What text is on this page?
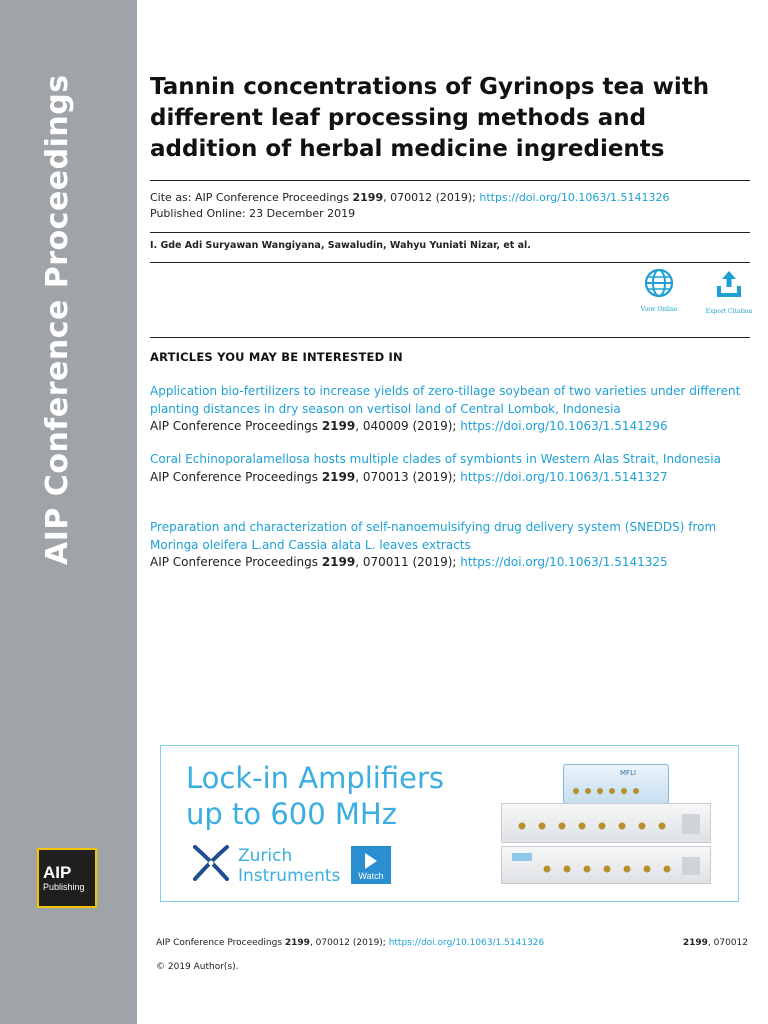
AIP Conference Proceedings
AIP
Publishing
Tannin concentrations of Gyrinops tea with different leaf processing methods and addition of herbal medicine ingredients
Cite as: AIP Conference Proceedings 2199, 070012 (2019); https://doi.org/10.1063/1.5141326
Published Online: 23 December 2019
I. Gde Adi Suryawan Wangiyana, Sawaludin, Wahyu Yuniati Nizar, et al.
View Online	Export Citation
ARTICLES YOU MAY BE INTERESTED IN
Application bio-fertilizers to increase yields of zero-tillage soybean of two varieties under different planting distances in dry season on vertisol land of Central Lombok, Indonesia
AIP Conference Proceedings 2199, 040009 (2019); https://doi.org/10.1063/1.5141296
Coral Echinoporalamellosa hosts multiple clades of symbionts in Western Alas Strait, Indonesia
AIP Conference Proceedings 2199, 070013 (2019); https://doi.org/10.1063/1.5141327
Preparation and characterization of self-nanoemulsifying drug delivery system (SNEDDS) from Moringa oleifera L.and Cassia alata L. leaves extracts
AIP Conference Proceedings 2199, 070011 (2019); https://doi.org/10.1063/1.5141325
Lock-in Amplifiers
up to 600 MHz
Zurich
Instruments	Watch
MFLI
AIP Conference Proceedings 2199, 070012 (2019); https://doi.org/10.1063/1.5141326	2199, 070012
© 2019 Author(s).
